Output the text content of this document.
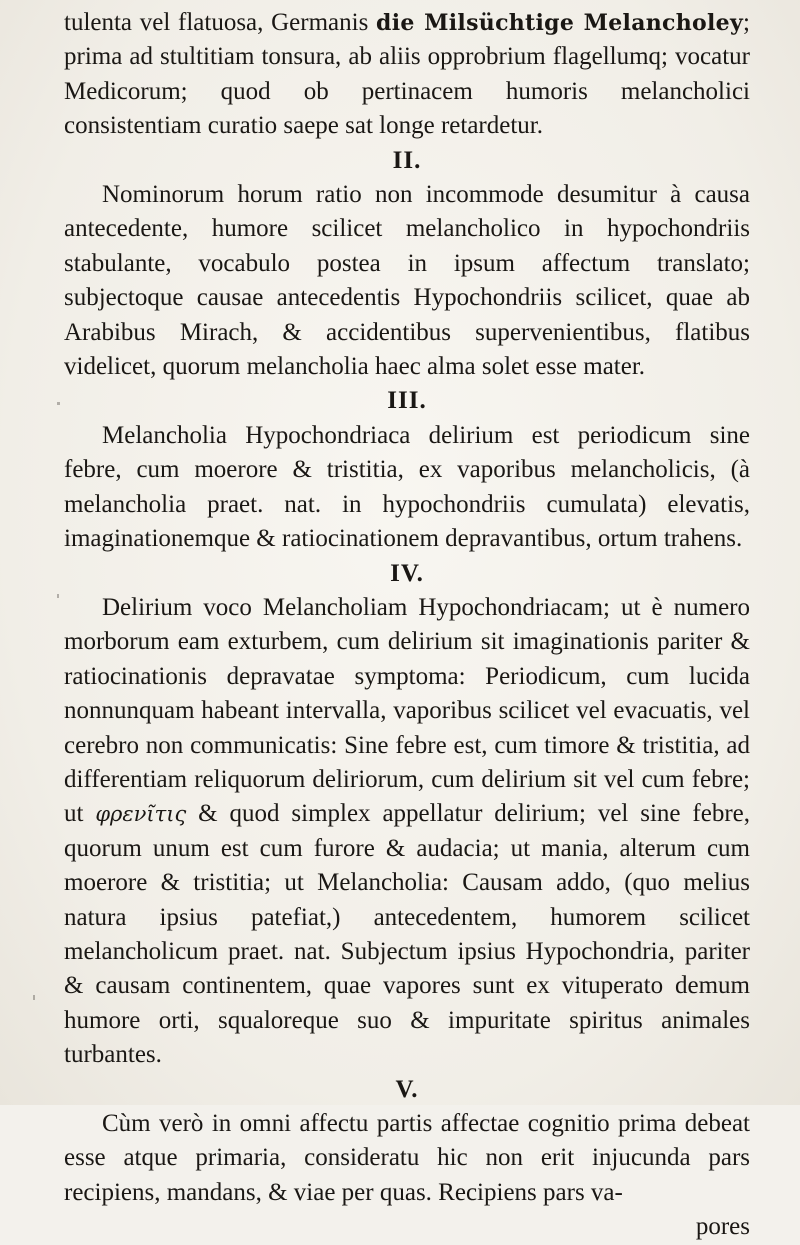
tulenta vel flatuosa, Germanis die Milsüchtige Melancholey; prima ad stultitiam tonsura, ab aliis opprobrium flagellumq; vocatur Medicorum; quod ob pertinacem humoris melancholici consistentiam curatio saepe sat longe retardetur.

II.

Nominorum horum ratio non incommode desumitur à causa antecedente, humore scilicet melancholico in hypochondriis stabulante, vocabulo postea in ipsum affectum translato; subjectoque causae antecedentis Hypochondriis scilicet, quae ab Arabibus Mirach, & accidentibus supervenientibus, flatibus videlicet, quorum melancholia haec alma solet esse mater.

III.

Melancholia Hypochondriaca delirium est periodicum sine febre, cum moerore & tristitia, ex vaporibus melancholicis, (à melancholia praet. nat. in hypochondriis cumulata) elevatis, imaginationemque & ratiocinationem depravantibus, ortum trahens.

IV.

Delirium voco Melancholiam Hypochondriacam; ut è numero morborum eam exturbem, cum delirium sit imaginationis pariter & ratiocinationis depravatae symptoma: Periodicum, cum lucida nonnunquam habeant intervalla, vaporibus scilicet vel evacuatis, vel cerebro non communicatis: Sine febre est, cum timore & tristitia, ad differentiam reliquorum deliriorum, cum delirium sit vel cum febre; ut φρενῖτις & quod simplex appellatur delirium; vel sine febre, quorum unum est cum furore & audacia; ut mania, alterum cum moerore & tristitia; ut Melancholia: Causam addo, (quo melius natura ipsius patefiat,) antecedentem, humorem scilicet melancholicum praet. nat. Subjectum ipsius Hypochondria, pariter & causam continentem, quae vapores sunt ex vituperato demum humore orti, squaloreque suo & impuritate spiritus animales turbantes.

V.

Cùm verò in omni affectu partis affectae cognitio prima debeat esse atque primaria, consideratu hic non erit injucunda pars recipiens, mandans, & viae per quas. Recipiens pars va-

pores
